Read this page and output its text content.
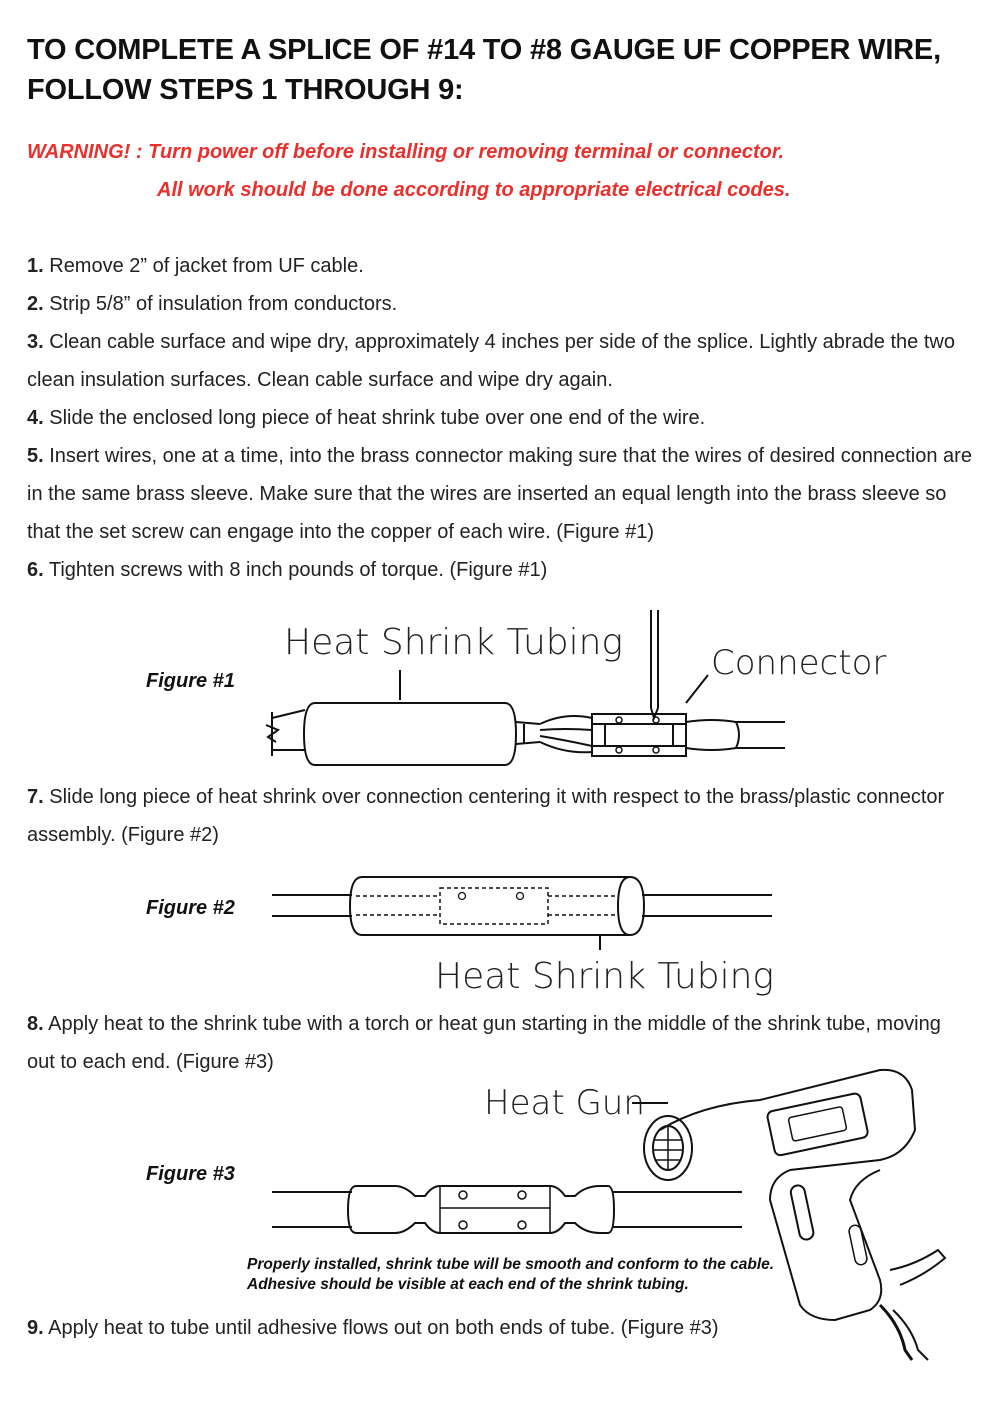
TO COMPLETE A SPLICE OF #14 TO #8 GAUGE UF COPPER WIRE,
FOLLOW STEPS 1 THROUGH 9:
WARNING! : Turn power off before installing or removing terminal or connector.
All work should be done according to appropriate electrical codes.
1. Remove 2” of jacket from UF cable.
2. Strip 5/8” of insulation from conductors.
3. Clean cable surface and wipe dry, approximately 4 inches per side of the splice. Lightly abrade the two clean insulation surfaces. Clean cable surface and wipe dry again.
4. Slide the enclosed long piece of heat shrink tube over one end of the wire.
5. Insert wires, one at a time, into the brass connector making sure that the wires of desired connection are in the same brass sleeve. Make sure that the wires are inserted an equal length into the brass sleeve so that the set screw can engage into the copper of each wire. (Figure #1)
6. Tighten screws with 8 inch pounds of torque. (Figure #1)
Figure #1
Heat Shrink Tubing	Connector
7. Slide long piece of heat shrink over connection centering it with respect to the brass/plastic connector assembly. (Figure #2)
Figure #2
Heat Shrink Tubing
8. Apply heat to the shrink tube with a torch or heat gun starting in the middle of the shrink tube, moving out to each end. (Figure #3)
Heat Gun
Figure #3
Properly installed, shrink tube will be smooth and conform to the cable.
Adhesive should be visible at each end of the shrink tubing.
9. Apply heat to tube until adhesive flows out on both ends of tube. (Figure #3)
